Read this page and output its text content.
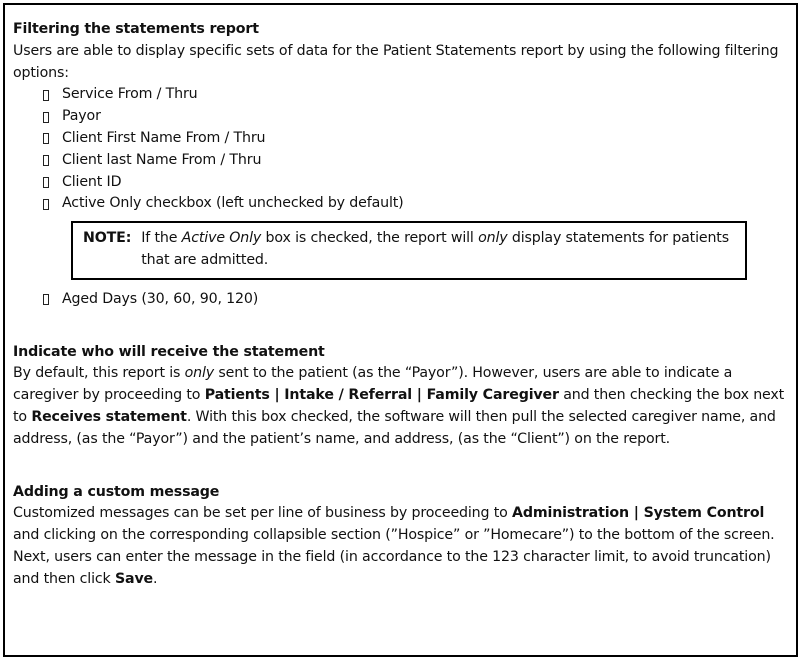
Filtering the statements report

Users are able to display specific sets of data for the Patient Statements report by using the following filtering options:

Service From / Thru
Payor
Client First Name From / Thru
Client last Name From / Thru
Client ID
Active Only checkbox (left unchecked by default)
NOTE: If the Active Only box is checked, the report will only display statements for patients that are admitted.
Aged Days (30, 60, 90, 120)
Indicate who will receive the statement

By default, this report is only sent to the patient (as the “Payor”). However, users are able to indicate a caregiver by proceeding to Patients | Intake / Referral | Family Caregiver and then checking the box next to Receives statement. With this box checked, the software will then pull the selected caregiver name, and address, (as the “Payor”) and the patient’s name, and address, (as the “Client”) on the report.

Adding a custom message

Customized messages can be set per line of business by proceeding to Administration | System Control and clicking on the corresponding collapsible section (”Hospice” or ”Homecare”) to the bottom of the screen. Next, users can enter the message in the field (in accordance to the 123 character limit, to avoid truncation) and then click Save.
